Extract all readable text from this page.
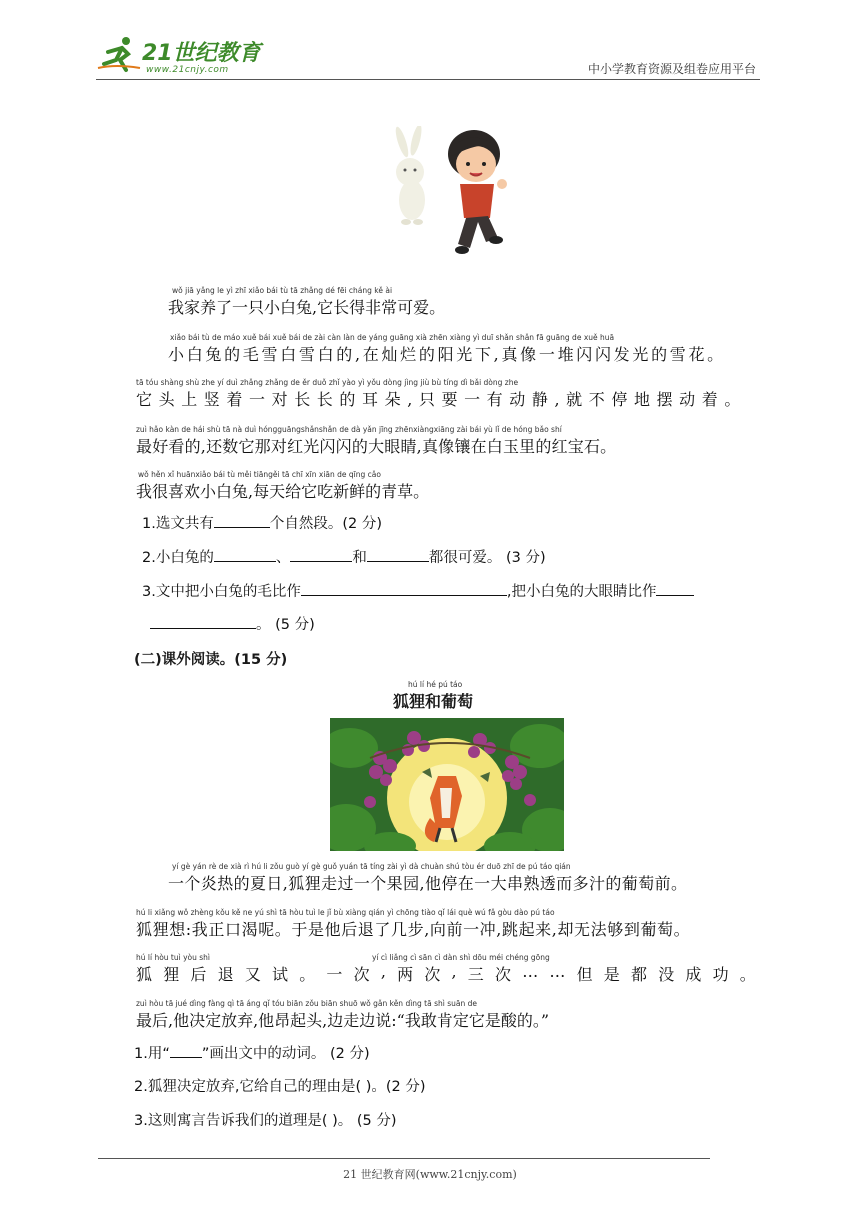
21世纪教育
www.21cnjy.com	中小学教育资源及组卷应用平台
wǒ jiā yǎng le yì zhī xiǎo bái tù tā zhǎng dé fēi cháng kě ài
我家养了一只小白兔,它长得非常可爱。
xiǎo bái tù de máo xuě bái xuě bái de zài càn làn de yáng guāng xià zhēn xiàng yì duī shǎn shǎn fā guāng de xuě huā
小白兔的毛雪白雪白的,在灿烂的阳光下,真像一堆闪闪发光的雪花。
tā tóu shàng shù zhe yí duì zhǎng zhǎng de ěr duǒ zhǐ yào yì yǒu dòng jìng jiù bù tíng dì bǎi dòng zhe
它头上竖着一对长长的耳朵,只要一有动静,就不停地摆动着。
zuì hǎo kàn de hái shù tā nà duì hónɡguāngshǎnshǎn de dà yǎn jīng zhēnxiàngxiāng zài bái yù lǐ de hóng bǎo shí
最好看的,还数它那对红光闪闪的大眼睛,真像镶在白玉里的红宝石。
wǒ hěn xǐ huānxiǎo bái tù měi tiāngěi tā chī xīn xiān de qīng cǎo
我很喜欢小白兔,每天给它吃新鲜的青草。
1.选文共有	个自然段。(2 分)
2.小白兔的	、	和	都很可爱。 (3 分)
3.文中把小白兔的毛比作	,把小白兔的大眼睛比作
。 (5 分)
(二)课外阅读。(15 分)
hú lí hé pú táo
狐狸和葡萄
yí gè yán rè de xià rì hú li zǒu guò yí gè guǒ yuán tā tíng zài yì dà chuàn shú tòu ér duō zhī de pú táo qián
一个炎热的夏日,狐狸走过一个果园,他停在一大串熟透而多汁的葡萄前。
hú li xiǎng wǒ zhèng kǒu kě ne yú shì tā hòu tuì le jǐ bù xiàng qián yì chōng tiào qǐ lái què wú fǎ gòu dào pú táo
狐狸想:我正口渴呢。于是他后退了几步,向前一冲,跳起来,却无法够到葡萄。
hú lí hòu tuì yòu shì	yí cì liǎng cì sān cì dàn shì dōu méi chéng gōng
狐 狸 后 退 又 试 。 一 次 , 两 次 , 三 次 … … 但 是 都 没 成 功 。
zuì hòu tā jué dìng fàng qì tā áng qǐ tóu biān zǒu biān shuō wǒ gǎn kěn dìng tā shì suān de
最后,他决定放弃,他昂起头,边走边说:“我敢肯定它是酸的。”
1.用“ ”画出文中的动词。 (2 分)
2.狐狸决定放弃,它给自己的理由是( )。(2 分)
3.这则寓言告诉我们的道理是( )。 (5 分)
21 世纪教育网(www.21cnjy.com)
